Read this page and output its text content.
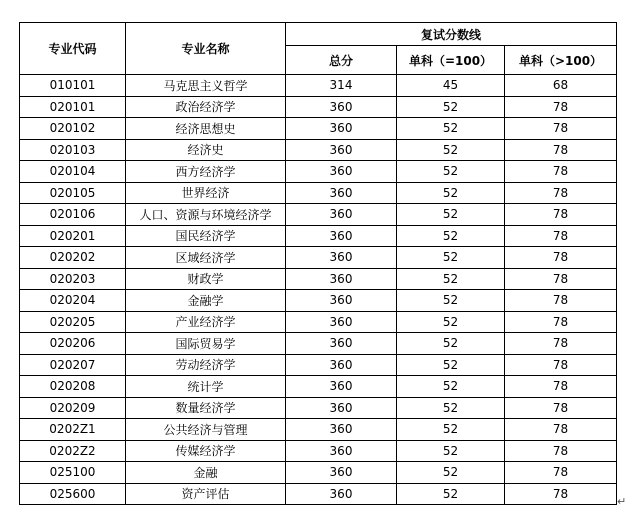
专业代码	专业名称	复试分数线		
		总分	单科（=100）	单科（>100）
010101	马克思主义哲学	314	45	68
020101	政治经济学	360	52	78
020102	经济思想史	360	52	78
020103	经济史	360	52	78
020104	西方经济学	360	52	78
020105	世界经济	360	52	78
020106	人口、资源与环境经济学	360	52	78
020201	国民经济学	360	52	78
020202	区域经济学	360	52	78
020203	财政学	360	52	78
020204	金融学	360	52	78
020205	产业经济学	360	52	78
020206	国际贸易学	360	52	78
020207	劳动经济学	360	52	78
020208	统计学	360	52	78
020209	数量经济学	360	52	78
0202Z1	公共经济与管理	360	52	78
0202Z2	传媒经济学	360	52	78
025100	金融	360	52	78
025600	资产评估	360	52	78
↵
